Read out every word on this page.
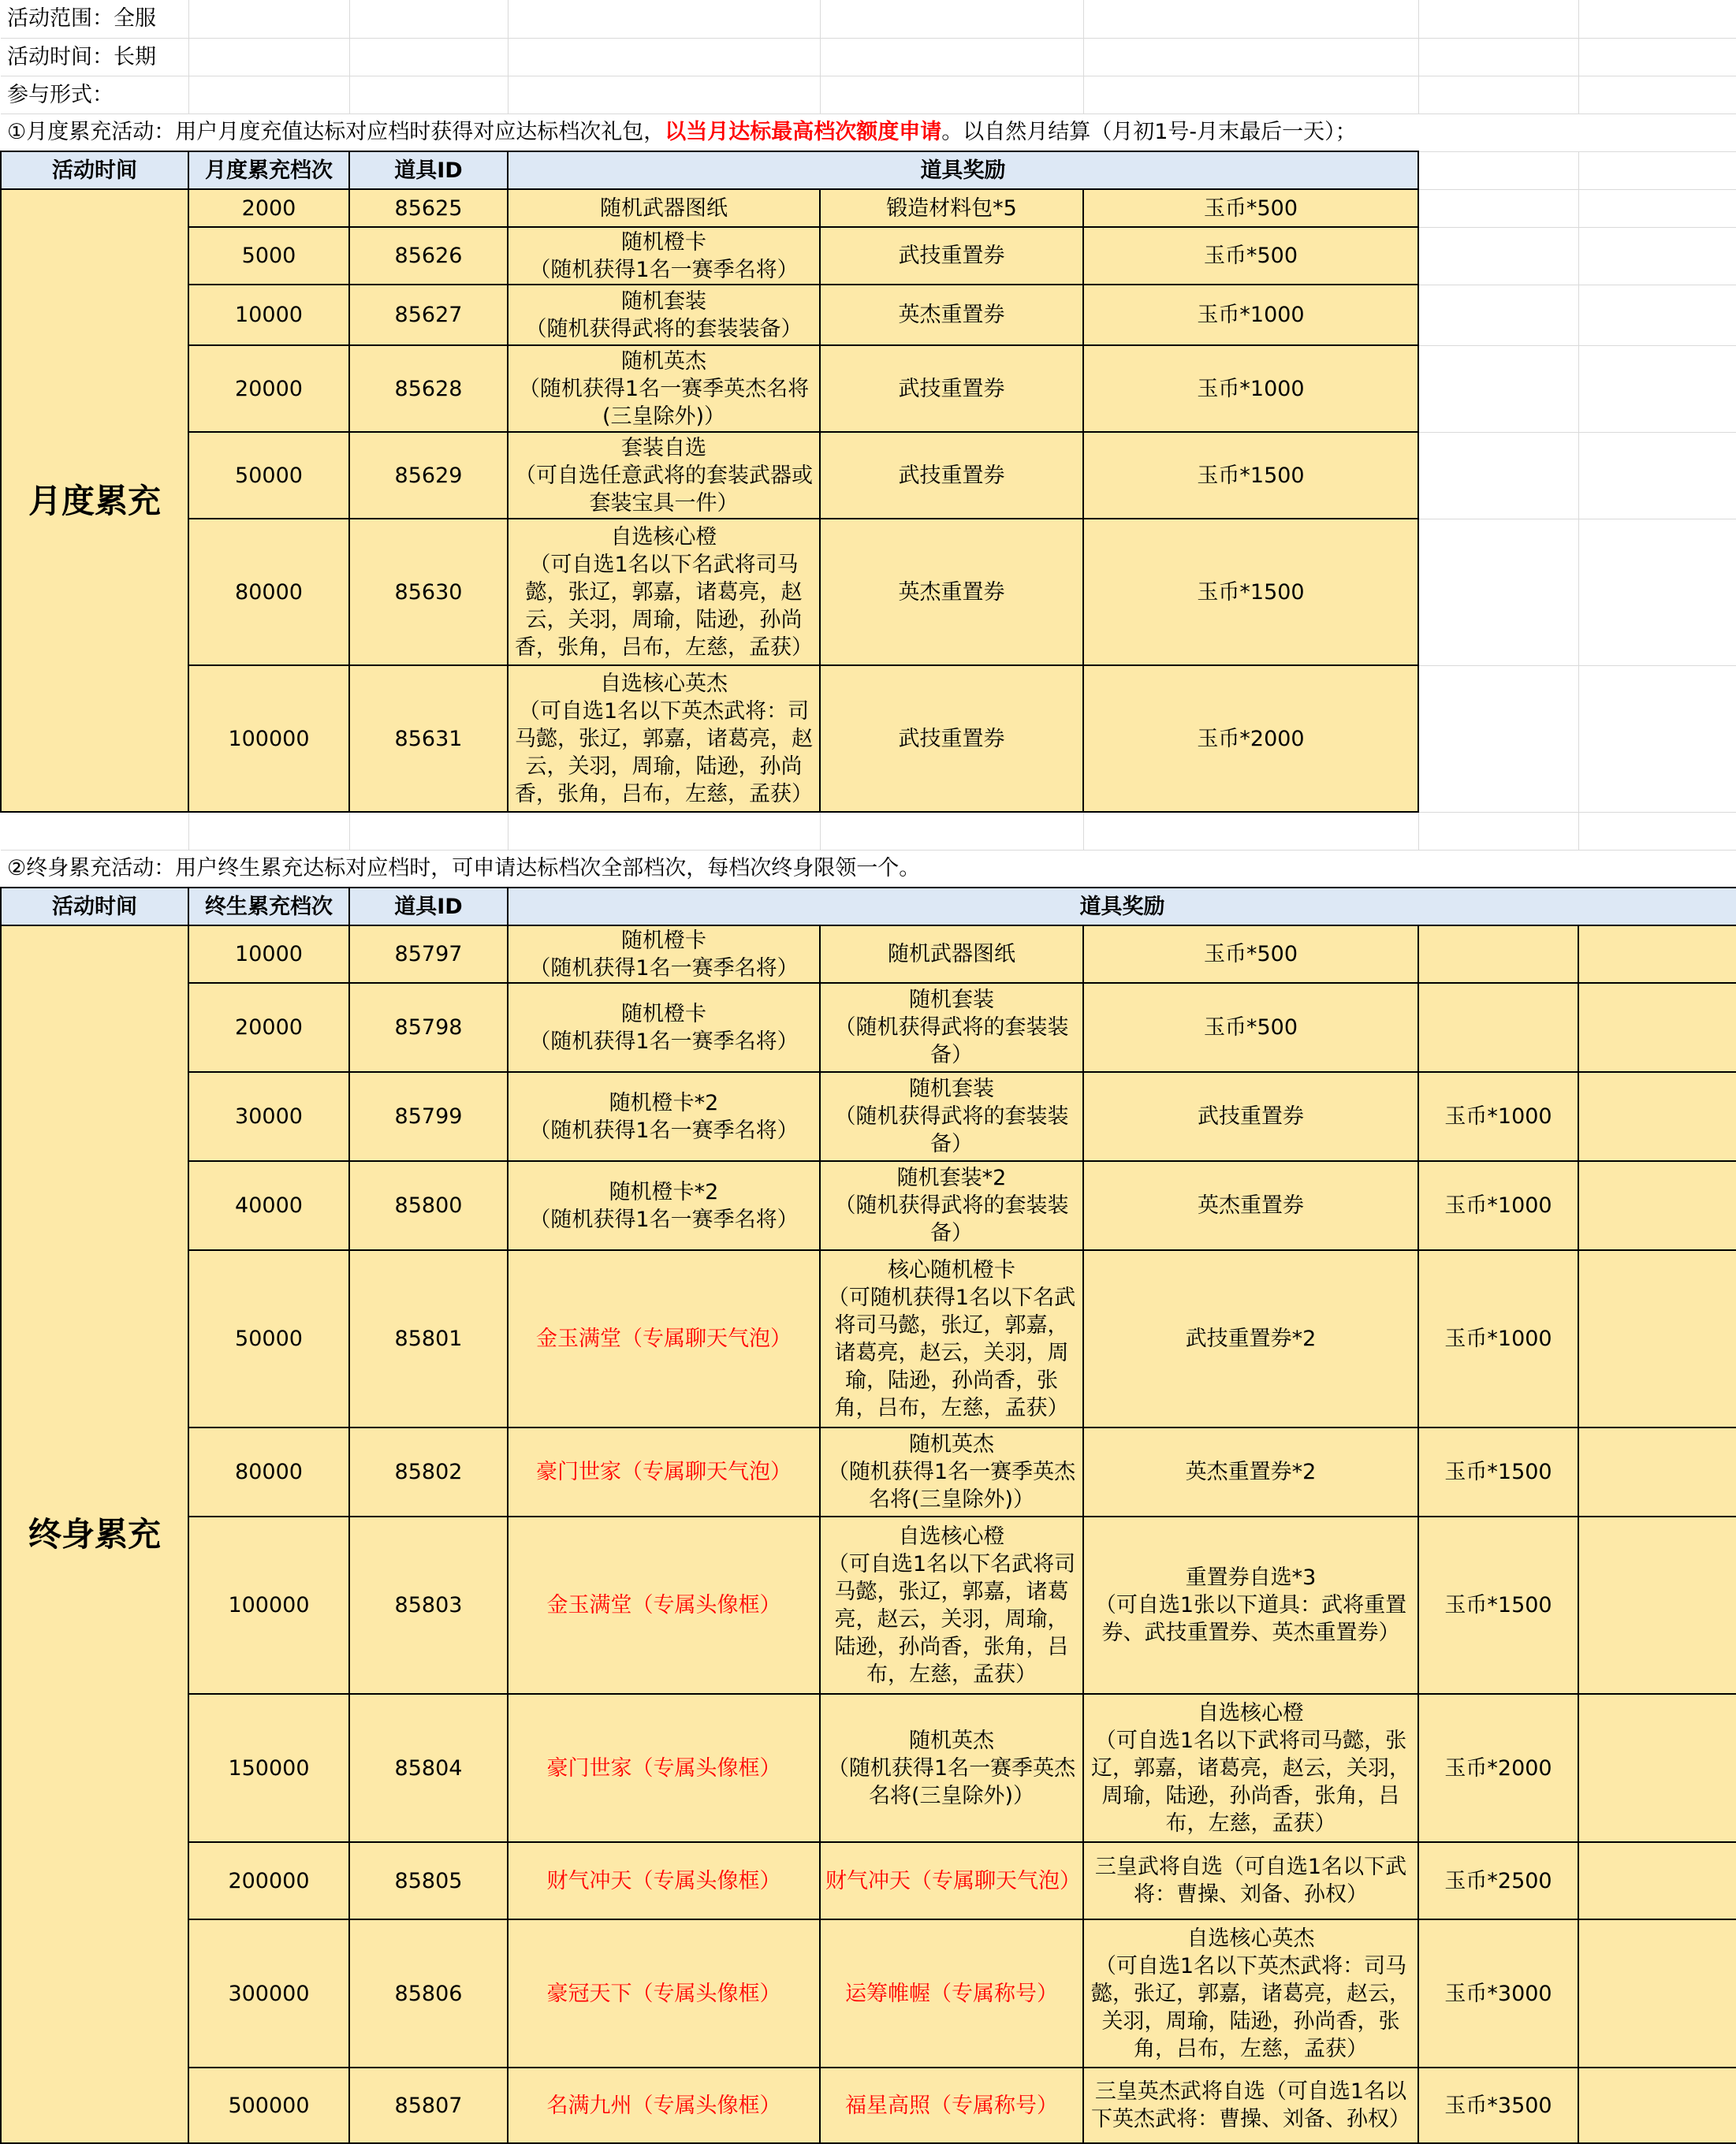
活动范围：全服							
活动时间：长期							
参与形式：							
①月度累充活动：用户月度充值达标对应档时获得对应达标档次礼包，以当月达标最高档次额度申请。以自然月结算（月初1号-月末最后一天）；							
活动时间	月度累充档次	道具ID	道具奖励				
月度累充	2000	85625	随机武器图纸	锻造材料包*5	玉币*500		
	5000	85626	随机橙卡
（随机获得1名一赛季名将）	武技重置券	玉币*500		
	10000	85627	随机套装
（随机获得武将的套装装备）	英杰重置券	玉币*1000		
	20000	85628	随机英杰
（随机获得1名一赛季英杰名将
(三皇除外)）	武技重置券	玉币*1000		
	50000	85629	套装自选
（可自选任意武将的套装武器或套装宝具一件）	武技重置券	玉币*1500		
	80000	85630	自选核心橙
（可自选1名以下名武将司马懿，张辽，郭嘉，诸葛亮，赵云，关羽，周瑜，陆逊，孙尚香，张角，吕布，左慈，孟获）	英杰重置券	玉币*1500		
	100000	85631	自选核心英杰
（可自选1名以下英杰武将：司马懿，张辽，郭嘉，诸葛亮，赵云，关羽，周瑜，陆逊，孙尚香，张角，吕布，左慈，孟获）	武技重置券	玉币*2000		

②终身累充活动：用户终生累充达标对应档时，可申请达标档次全部档次，每档次终身限领一个。							
活动时间	终生累充档次	道具ID	道具奖励				
终身累充	10000	85797	随机橙卡
（随机获得1名一赛季名将）	随机武器图纸	玉币*500		
	20000	85798	随机橙卡
（随机获得1名一赛季名将）	随机套装
（随机获得武将的套装装备）	玉币*500		
	30000	85799	随机橙卡*2
（随机获得1名一赛季名将）	随机套装
（随机获得武将的套装装备）	武技重置券	玉币*1000	
	40000	85800	随机橙卡*2
（随机获得1名一赛季名将）	随机套装*2
（随机获得武将的套装装备）	英杰重置券	玉币*1000	
	50000	85801	金玉满堂（专属聊天气泡）	核心随机橙卡
（可随机获得1名以下名武将司马懿，张辽，郭嘉，诸葛亮，赵云，关羽，周瑜，陆逊，孙尚香，张角，吕布，左慈，孟获）	武技重置券*2	玉币*1000	
	80000	85802	豪门世家（专属聊天气泡）	随机英杰
（随机获得1名一赛季英杰名将(三皇除外)）	英杰重置券*2	玉币*1500	
	100000	85803	金玉满堂（专属头像框）	自选核心橙
（可自选1名以下名武将司马懿，张辽，郭嘉，诸葛亮，赵云，关羽，周瑜，陆逊，孙尚香，张角，吕布，左慈，孟获）	重置券自选*3
（可自选1张以下道具：武将重置券、武技重置券、英杰重置券）	玉币*1500	
	150000	85804	豪门世家（专属头像框）	随机英杰
（随机获得1名一赛季英杰名将(三皇除外)）	自选核心橙
（可自选1名以下武将司马懿，张辽，郭嘉，诸葛亮，赵云，关羽，周瑜，陆逊，孙尚香，张角，吕布，左慈，孟获）	玉币*2000	
	200000	85805	财气冲天（专属头像框）	财气冲天（专属聊天气泡）	三皇武将自选（可自选1名以下武将：曹操、刘备、孙权）	玉币*2500	
	300000	85806	豪冠天下（专属头像框）	运筹帷幄（专属称号）	自选核心英杰
（可自选1名以下英杰武将：司马懿，张辽，郭嘉，诸葛亮，赵云，关羽，周瑜，陆逊，孙尚香，张角，吕布，左慈，孟获）	玉币*3000	
	500000	85807	名满九州（专属头像框）	福星高照（专属称号）	三皇英杰武将自选（可自选1名以下英杰武将：曹操、刘备、孙权）	玉币*3500	
